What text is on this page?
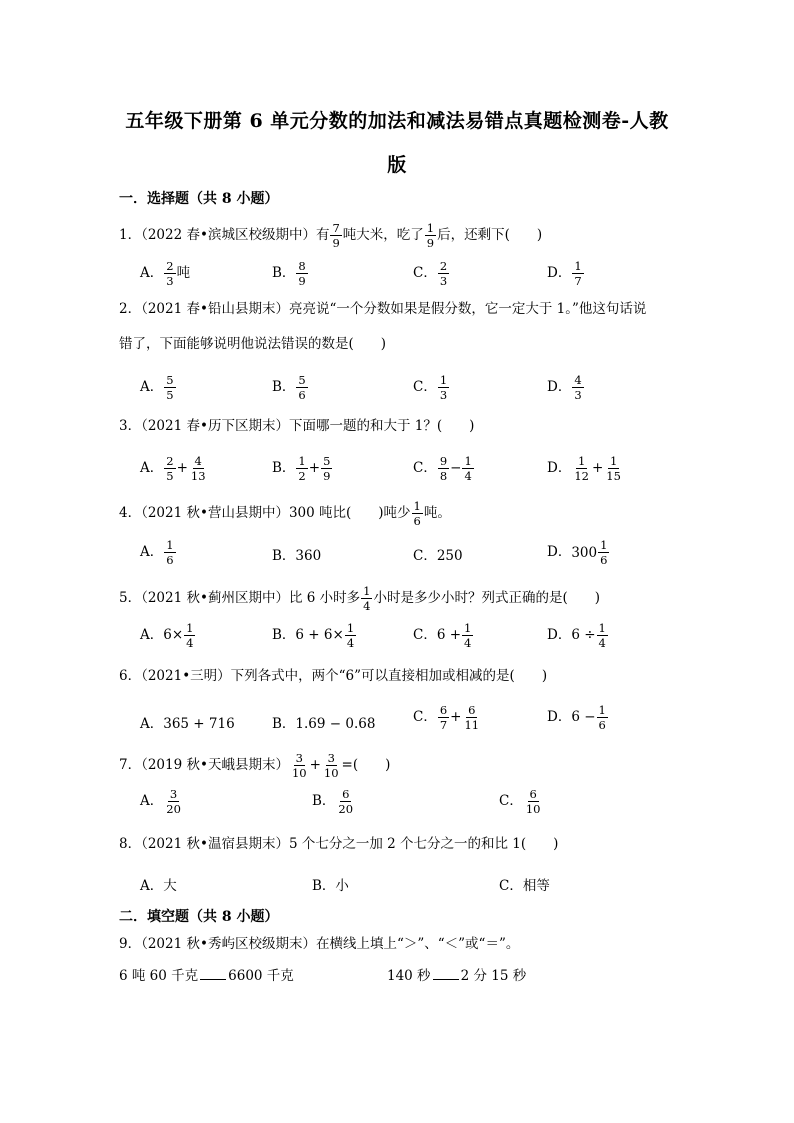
五年级下册第 6 单元分数的加法和减法易错点真题检测卷-人教
版
一．选择题（共 8 小题）
1．（2022 春•滨城区校级期中）有 $\frac{7}{9}$ 吨大米，吃了 $\frac{1}{9}$ 后，还剩下(　　)
A． $\frac{2}{3}$ 吨	B． $\frac{8}{9}$	C． $\frac{2}{3}$	D． $\frac{1}{7}$
2．（2021 春•铅山县期末）亮亮说“一个分数如果是假分数，它一定大于 1。”他这句话说
错了，下面能够说明他说法错误的数是(　　)
A． $\frac{5}{5}$	B． $\frac{5}{6}$	C． $\frac{1}{3}$	D． $\frac{4}{3}$
3．（2021 春•历下区期末）下面哪一题的和大于 1？(　　)
A． $\frac{2}{5} + \frac{4}{13}$	B． $\frac{1}{2} + \frac{5}{9}$	C． $\frac{9}{8} - \frac{1}{4}$	D． $\frac{1}{12} + \frac{1}{15}$
4．（2021 秋•营山县期中）300 吨比(　　)吨少 $\frac{1}{6}$ 吨。
A． $\frac{1}{6}$	B．360	C．250	D． $300 \frac{1}{6}$
5．（2021 秋•蓟州区期中）比 6 小时多 $\frac{1}{4}$ 小时是多少小时？列式正确的是(　　)
A．$6\times \frac{1}{4}$	B．$6 + 6\times \frac{1}{4}$	C．$6 + \frac{1}{4}$	D．$6 \div \frac{1}{4}$
6．（2021•三明）下列各式中，两个“6”可以直接相加或相减的是(　　)
A．365 + 716	B．1.69 − 0.68	C． $\frac{6}{7} + \frac{6}{11}$	D．$6 - \frac{1}{6}$
7．（2019 秋•天峨县期末） $\frac{3}{10} + \frac{3}{10}$ =(　　)
A． $\frac{3}{20}$	B． $\frac{6}{20}$	C． $\frac{6}{10}$
8．（2021 秋•温宿县期末）5 个七分之一加 2 个七分之一的和比 1(　　)
A．大	B．小	C．相等
二．填空题（共 8 小题）
9．（2021 秋•秀屿区校级期末）在横线上填上“＞”、“＜”或“＝”。
6 吨 60 千克 6600 千克	140 秒 2 分 15 秒
